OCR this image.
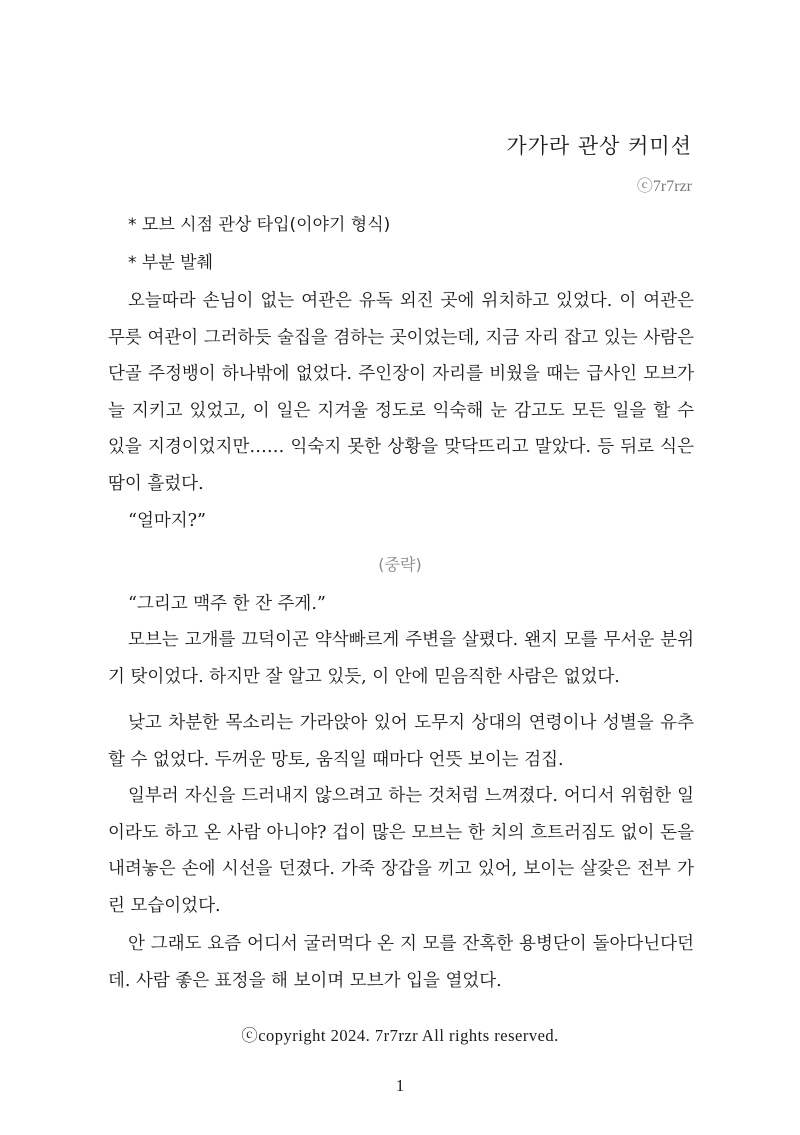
가가라 관상 커미션
ⓒ7r7rzr
* 모브 시점 관상 타입(이야기 형식)
* 부분 발췌

오늘따라 손님이 없는 여관은 유독 외진 곳에 위치하고 있었다. 이 여관은 무릇 여관이 그러하듯 술집을 겸하는 곳이었는데, 지금 자리 잡고 있는 사람은 단골 주정뱅이 하나밖에 없었다. 주인장이 자리를 비웠을 때는 급사인 모브가 늘 지키고 있었고, 이 일은 지겨울 정도로 익숙해 눈 감고도 모든 일을 할 수 있을 지경이었지만…… 익숙지 못한 상황을 맞닥뜨리고 말았다. 등 뒤로 식은땀이 흘렀다.

“얼마지?”

(중략)

“그리고 맥주 한 잔 주게.”

모브는 고개를 끄덕이곤 약삭빠르게 주변을 살폈다. 왠지 모를 무서운 분위기 탓이었다. 하지만 잘 알고 있듯, 이 안에 믿음직한 사람은 없었다.

낮고 차분한 목소리는 가라앉아 있어 도무지 상대의 연령이나 성별을 유추할 수 없었다. 두꺼운 망토, 움직일 때마다 언뜻 보이는 검집.

일부러 자신을 드러내지 않으려고 하는 것처럼 느껴졌다. 어디서 위험한 일이라도 하고 온 사람 아니야? 겁이 많은 모브는 한 치의 흐트러짐도 없이 돈을 내려놓은 손에 시선을 던졌다. 가죽 장갑을 끼고 있어, 보이는 살갗은 전부 가린 모습이었다.

안 그래도 요즘 어디서 굴러먹다 온 지 모를 잔혹한 용병단이 돌아다닌다던데. 사람 좋은 표정을 해 보이며 모브가 입을 열었다.

ⓒcopyright 2024. 7r7rzr All rights reserved.
1
